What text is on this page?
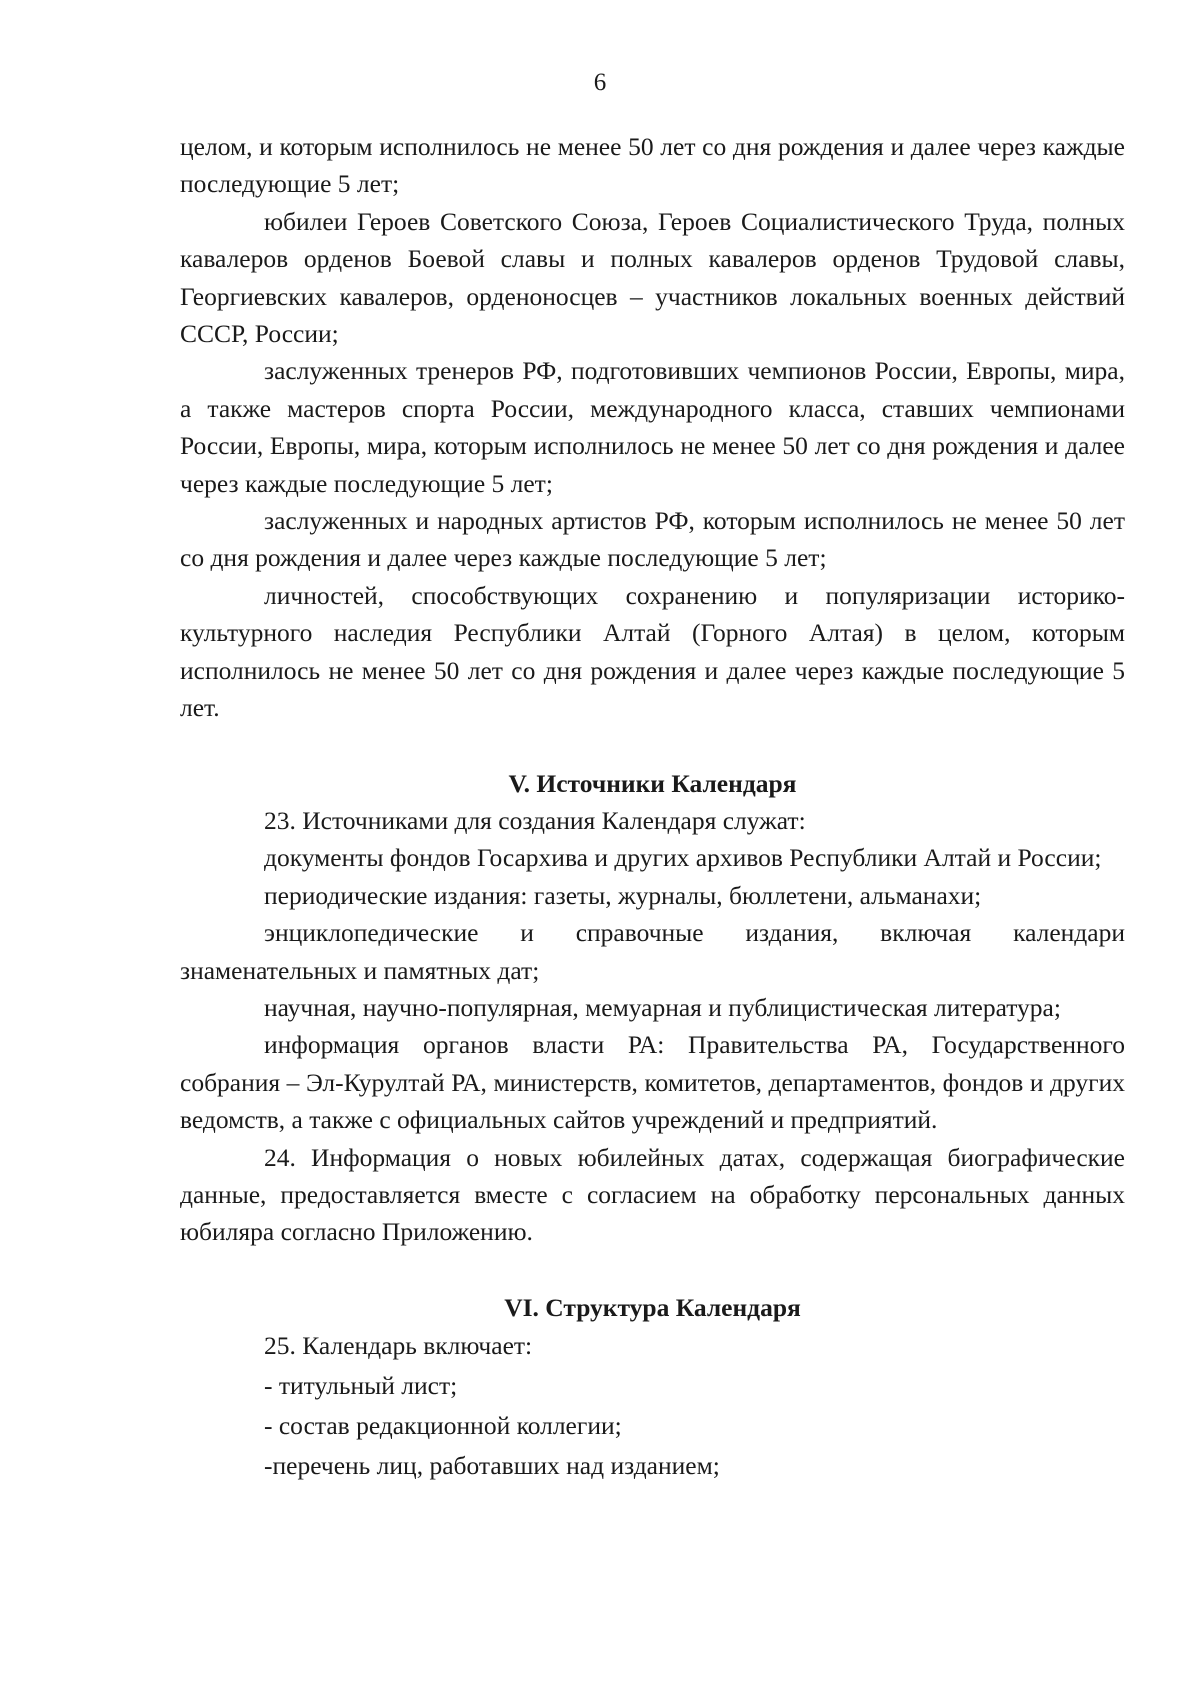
6

целом, и которым исполнилось не менее 50 лет со дня рождения и далее через каждые последующие 5 лет;

юбилеи Героев Советского Союза, Героев Социалистического Труда, полных кавалеров орденов Боевой славы и полных кавалеров орденов Трудовой славы, Георгиевских кавалеров, орденоносцев – участников локальных военных действий СССР, России;

заслуженных тренеров РФ, подготовивших чемпионов России, Европы, мира, а также мастеров спорта России, международного класса, ставших чемпионами России, Европы, мира, которым исполнилось не менее 50 лет со дня рождения и далее через каждые последующие 5 лет;

заслуженных и народных артистов РФ, которым исполнилось не менее 50 лет со дня рождения и далее через каждые последующие 5 лет;

личностей, способствующих сохранению и популяризации историко-культурного наследия Республики Алтай (Горного Алтая) в целом, которым исполнилось не менее 50 лет со дня рождения и далее через каждые последующие 5 лет.

V. Источники Календаря

23. Источниками для создания Календаря служат:

документы фондов Госархива и других архивов Республики Алтай и России;

периодические издания: газеты, журналы, бюллетени, альманахи;

энциклопедические и справочные издания, включая календари знаменательных и памятных дат;

научная, научно-популярная, мемуарная и публицистическая литература;

информация органов власти РА: Правительства РА, Государственного собрания – Эл-Курултай РА, министерств, комитетов, департаментов, фондов и других ведомств, а также с официальных сайтов учреждений и предприятий.

24. Информация о новых юбилейных датах, содержащая биографические данные, предоставляется вместе с согласием на обработку персональных данных юбиляра согласно Приложению.

VI. Структура Календаря

25. Календарь включает:

- титульный лист;

- состав редакционной коллегии;

-перечень лиц, работавших над изданием;
